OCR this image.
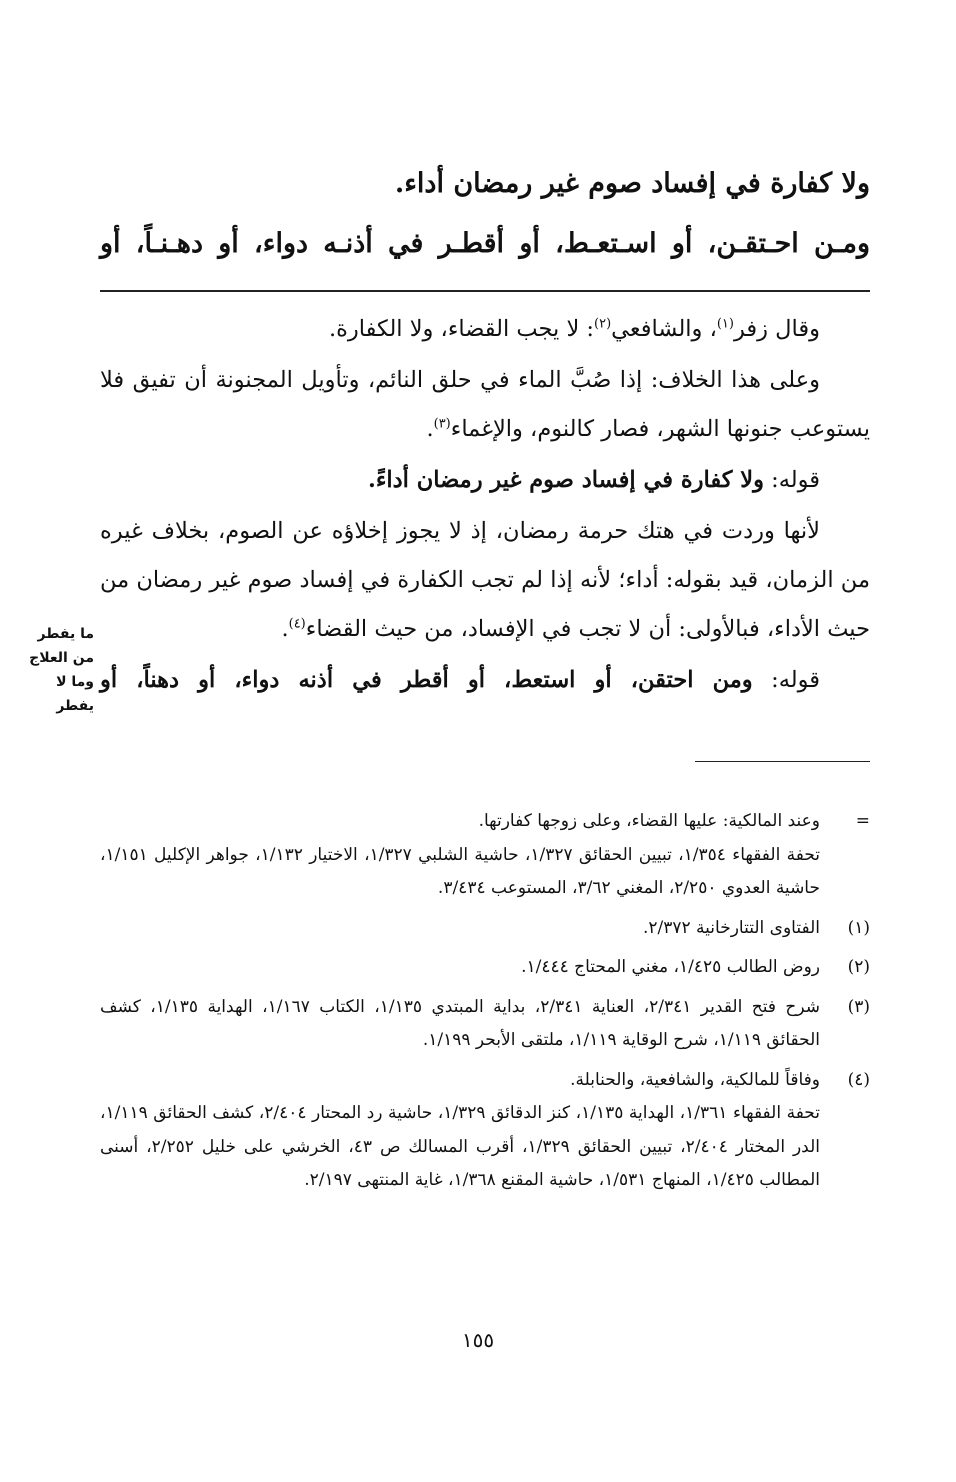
ولا كفارة في إفساد صوم غير رمضان أداء.
ومـن احـتقـن، أو اسـتعـط، أو أقطـر في أذنـه دواء، أو دهـنـاً، أو

وقال زفر$^{(١)}$، والشافعي$^{(٢)}$: لا يجب القضاء، ولا الكفارة.

وعلى هذا الخلاف: إذا صُبَّ الماء في حلق النائم، وتأويل المجنونة أن تفيق فلا يستوعب جنونها الشهر، فصار كالنوم، والإغماء$^{(٣)}$.

قوله: ولا كفارة في إفساد صوم غير رمضان أداءً.

لأنها وردت في هتك حرمة رمضان، إذ لا يجوز إخلاؤه عن الصوم، بخلاف غيره من الزمان، قيد بقوله: أداء؛ لأنه إذا لم تجب الكفارة في إفساد صوم غير رمضان من حيث الأداء، فبالأولى: أن لا تجب في الإفساد، من حيث القضاء$^{(٤)}$.

قوله: ومن احتقن، أو استعط، أو أقطر في أذنه دواء، أو دهناً، أو

ما يفطر
من العلاج
وما لا
يفطر
=
وعند المالكية: عليها القضاء، وعلى زوجها كفارتها.
تحفة الفقهاء ١/٣٥٤، تبيين الحقائق ١/٣٢٧، حاشية الشلبي ١/٣٢٧، الاختيار ١/١٣٢، جواهر الإكليل ١/١٥١، حاشية العدوي ٢/٢٥٠، المغني ٣/٦٢، المستوعب ٣/٤٣٤.
(١)
الفتاوى التتارخانية ٢/٣٧٢.
(٢)
روض الطالب ١/٤٢٥، مغني المحتاج ١/٤٤٤.
(٣)
شرح فتح القدير ٢/٣٤١، العناية ٢/٣٤١، بداية المبتدي ١/١٣٥، الكتاب ١/١٦٧، الهداية ١/١٣٥، كشف الحقائق ١/١١٩، شرح الوقاية ١/١١٩، ملتقى الأبحر ١/١٩٩.
(٤)
وفاقاً للمالكية، والشافعية، والحنابلة.
تحفة الفقهاء ١/٣٦١، الهداية ١/١٣٥، كنز الدقائق ١/٣٢٩، حاشية رد المحتار ٢/٤٠٤، كشف الحقائق ١/١١٩، الدر المختار ٢/٤٠٤، تبيين الحقائق ١/٣٢٩، أقرب المسالك ص ٤٣، الخرشي على خليل ٢/٢٥٢، أسنى المطالب ١/٤٢٥، المنهاج ١/٥٣١، حاشية المقنع ١/٣٦٨، غاية المنتهى ٢/١٩٧.
١٥٥
